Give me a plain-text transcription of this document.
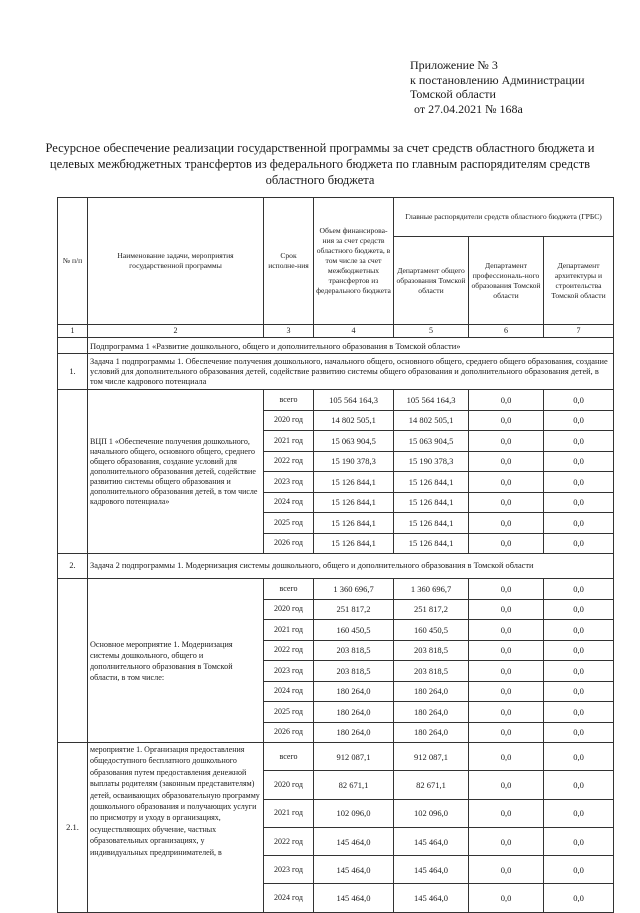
Приложение № 3
к постановлению Администрации
Томской области
от 27.04.2021 № 168а
Ресурсное обеспечение реализации государственной программы за счет средств областного бюджета и целевых межбюджетных трансфертов из федерального бюджета по главным распорядителям средств областного бюджета
№ п/п	Наименование задачи, мероприятия государственной программы	Срок исполне-ния	Объем финансирова-ния за счет средств областного бюджета, в том числе за счет межбюджетных трансфертов из федерального бюджета	Главные распорядители средств областного бюджета (ГРБС)		
				Департамент общего образования Томской области	Департамент профессиональ-ного образования Томской области	Департамент архитектуры и строительства Томской области
1	2	3	4	5	6	7
	Подпрограмма 1 «Развитие дошкольного, общего и дополнительного образования в Томской области»					
1.	Задача 1 подпрограммы 1. Обеспечение получения дошкольного, начального общего, основного общего, среднего общего образования, создание условий для дополнительного образования детей, содействие развитию системы общего образования и дополнительного образования детей, в том числе кадрового потенциала					
	ВЦП 1 «Обеспечение получения дошкольного, начального общего, основного общего, среднего общего образования, создание условий для дополнительного образования детей, содействие развитию системы общего образования и дополнительного образования детей, в том числе кадрового потенциала»	всего	105 564 164,3	105 564 164,3	0,0	0,0
		2020 год	14 802 505,1	14 802 505,1	0,0	0,0
		2021 год	15 063 904,5	15 063 904,5	0,0	0,0
		2022 год	15 190 378,3	15 190 378,3	0,0	0,0
		2023 год	15 126 844,1	15 126 844,1	0,0	0,0
		2024 год	15 126 844,1	15 126 844,1	0,0	0,0
		2025 год	15 126 844,1	15 126 844,1	0,0	0,0
		2026 год	15 126 844,1	15 126 844,1	0,0	0,0
2.	Задача 2 подпрограммы 1. Модернизация системы дошкольного, общего и дополнительного образования в Томской области					
	Основное мероприятие 1. Модернизация системы дошкольного, общего и дополнительного образования в Томской области, в том числе:	всего	1 360 696,7	1 360 696,7	0,0	0,0
		2020 год	251 817,2	251 817,2	0,0	0,0
		2021 год	160 450,5	160 450,5	0,0	0,0
		2022 год	203 818,5	203 818,5	0,0	0,0
		2023 год	203 818,5	203 818,5	0,0	0,0
		2024 год	180 264,0	180 264,0	0,0	0,0
		2025 год	180 264,0	180 264,0	0,0	0,0
		2026 год	180 264,0	180 264,0	0,0	0,0
2.1.	мероприятие 1. Организация предоставления общедоступного бесплатного дошкольного образования путем предоставления денежной выплаты родителям (законным представителям) детей, осваивающих образовательную программу дошкольного образования и получающих услуги по присмотру и уходу в организациях, осуществляющих обучение, частных образовательных организациях, у индивидуальных предпринимателей, в	всего	912 087,1	912 087,1	0,0	0,0
		2020 год	82 671,1	82 671,1	0,0	0,0
		2021 год	102 096,0	102 096,0	0,0	0,0
		2022 год	145 464,0	145 464,0	0,0	0,0
		2023 год	145 464,0	145 464,0	0,0	0,0
		2024 год	145 464,0	145 464,0	0,0	0,0
